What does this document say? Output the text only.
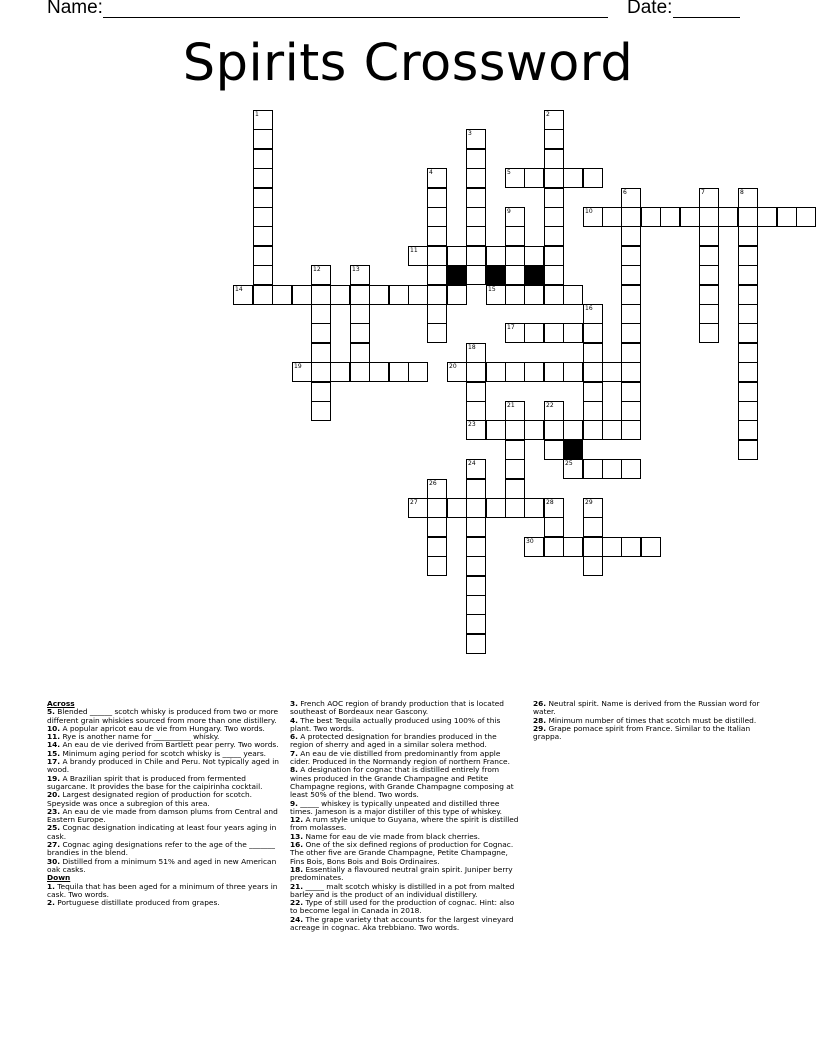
Name:	Date:
Spirits Crossword
1	2
3
4	5
6	7	8
9	10
11
12	13
14	15
16
17
18
19	20
21	22
23
24	25
26
27	28	29
30
Across
5. Blended ______ scotch whisky is produced from two or more different grain whiskies sourced from more than one distillery.
10. A popular apricot eau de vie from Hungary. Two words.
11. Rye is another name for __________ whisky.
14. An eau de vie derived from Bartlett pear perry. Two words.
15. Minimum aging period for scotch whisky is _____ years.
17. A brandy produced in Chile and Peru. Not typically aged in wood.
19. A Brazilian spirit that is produced from fermented sugarcane. It provides the base for the caipirinha cocktail.
20. Largest designated region of production for scotch. Speyside was once a subregion of this area.
23. An eau de vie made from damson plums from Central and Eastern Europe.
25. Cognac designation indicating at least four years aging in cask.
27. Cognac aging designations refer to the age of the _______ brandies in the blend.
30. Distilled from a minimum 51% and aged in new American oak casks.
Down
1. Tequila that has been aged for a minimum of three years in cask. Two words.
2. Portuguese distillate produced from grapes.
3. French AOC region of brandy production that is located southeast of Bordeaux near Gascony.
4. The best Tequila actually produced using 100% of this plant. Two words.
6. A protected designation for brandies produced in the region of sherry and aged in a similar solera method.
7. An eau de vie distilled from predominantly from apple cider. Produced in the Normandy region of northern France.
8. A designation for cognac that is distilled entirely from wines produced in the Grande Champagne and Petite Champagne regions, with Grande Champagne composing at least 50% of the blend. Two words.
9. _____ whiskey is typically unpeated and distilled three times. Jameson is a major distiller of this type of whiskey.
12. A rum style unique to Guyana, where the spirit is distilled from molasses.
13. Name for eau de vie made from black cherries.
16. One of the six defined regions of production for Cognac. The other five are Grande Champagne, Petite Champagne, Fins Bois, Bons Bois and Bois Ordinaires.
18. Essentially a flavoured neutral grain spirit. Juniper berry predominates.
21. _____ malt scotch whisky is distilled in a pot from malted barley and is the product of an individual distillery.
22. Type of still used for the production of cognac. Hint: also to become legal in Canada in 2018.
24. The grape variety that accounts for the largest vineyard acreage in cognac. Aka trebbiano. Two words.
26. Neutral spirit. Name is derived from the Russian word for water.
28. Minimum number of times that scotch must be distilled.
29. Grape pomace spirit from France. Similar to the Italian grappa.
